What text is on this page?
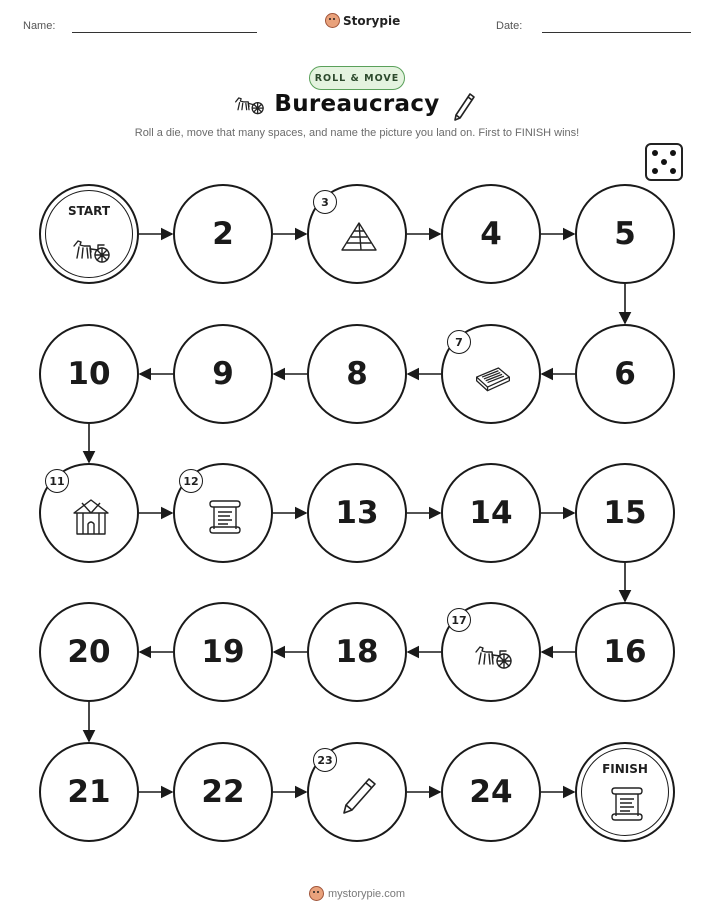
Name:	Storypie	Date:
ROLL & MOVE
Bureaucracy
Roll a die, move that many spaces, and name the picture you land on. First to FINISH wins!
START
2
3
4	5
6
7
8
9
10
11	12
13	14	15
16
17
18
19
20
21	22
23
24
FINISH
mystorypie.com
